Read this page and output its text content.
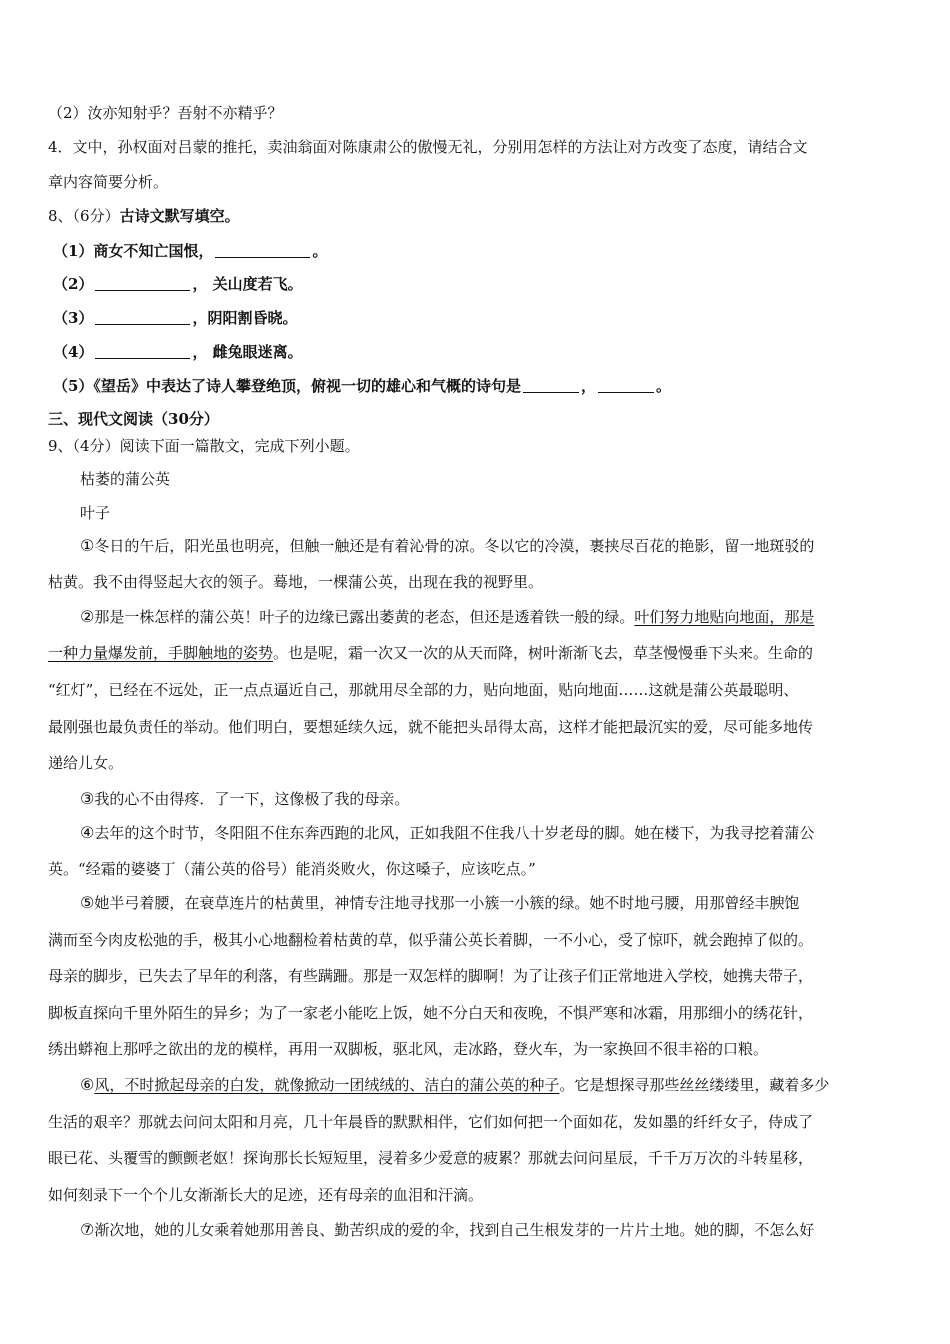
（2）汝亦知射乎？吾射不亦精乎？
4．文中，孙权面对吕蒙的推托，卖油翁面对陈康肃公的傲慢无礼，分别用怎样的方法让对方改变了态度，请结合文
章内容简要分析。
8、（6分）古诗文默写填空。
（1）商女不知亡国恨，	。
（2）	， 关山度若飞。
（3）	，阴阳割昏晓。
（4）	， 雌兔眼迷离。
（5）《望岳》中表达了诗人攀登绝顶，俯视一切的雄心和气概的诗句是	，	。
三、现代文阅读（30分）
9、（4分）阅读下面一篇散文，完成下列小题。
枯萎的蒲公英
叶子
①冬日的午后，阳光虽也明亮，但触一触还是有着沁骨的凉。冬以它的冷漠，裹挟尽百花的艳影，留一地斑驳的
枯黄。我不由得竖起大衣的领子。蓦地，一棵蒲公英，出现在我的视野里。
②那是一株怎样的蒲公英！叶子的边缘已露出萎黄的老态，但还是透着铁一般的绿。叶们努力地贴向地面，那是
一种力量爆发前，手脚触地的姿势。也是呢，霜一次又一次的从天而降，树叶渐渐飞去，草茎慢慢垂下头来。生命的
“红灯”，已经在不远处，正一点点逼近自己，那就用尽全部的力，贴向地面，贴向地面……这就是蒲公英最聪明、
最刚强也最负责任的举动。他们明白，要想延续久远，就不能把头昂得太高，这样才能把最沉实的爱，尽可能多地传
递给儿女。
③我的心不由得疼．了一下，这像极了我的母亲。
④去年的这个时节，冬阳阻不住东奔西跑的北风，正如我阻不住我八十岁老母的脚。她在楼下，为我寻挖着蒲公
英。“经霜的婆婆丁（蒲公英的俗号）能消炎败火，你这嗓子，应该吃点。”
⑤她半弓着腰，在衰草连片的枯黄里，神情专注地寻找那一小簇一小簇的绿。她不时地弓腰，用那曾经丰腴饱
满而至今肉皮松弛的手，极其小心地翻检着枯黄的草，似乎蒲公英长着脚，一不小心，受了惊吓，就会跑掉了似的。
母亲的脚步，已失去了早年的利落，有些蹒跚。那是一双怎样的脚啊！为了让孩子们正常地进入学校，她携夫带子，
脚板直探向千里外陌生的异乡；为了一家老小能吃上饭，她不分白天和夜晚，不惧严寒和冰霜，用那细小的绣花针，
绣出蟒袍上那呼之欲出的龙的模样，再用一双脚板，驱北风，走冰路，登火车，为一家换回不很丰裕的口粮。
⑥风，不时掀起母亲的白发，就像掀动一团绒绒的、洁白的蒲公英的种子。它是想探寻那些丝丝缕缕里，藏着多少
生活的艰辛？那就去问问太阳和月亮，几十年晨昏的默默相伴，它们如何把一个面如花，发如墨的纤纤女子，侍成了
眼已花、头覆雪的颤颤老妪！探询那长长短短里，浸着多少爱意的疲累？那就去问问星辰，千千万万次的斗转星移，
如何刻录下一个个儿女渐渐长大的足迹，还有母亲的血泪和汗滴。
⑦渐次地，她的儿女乘着她那用善良、勤苦织成的爱的伞，找到自己生根发芽的一片片土地。她的脚，不怎么好
